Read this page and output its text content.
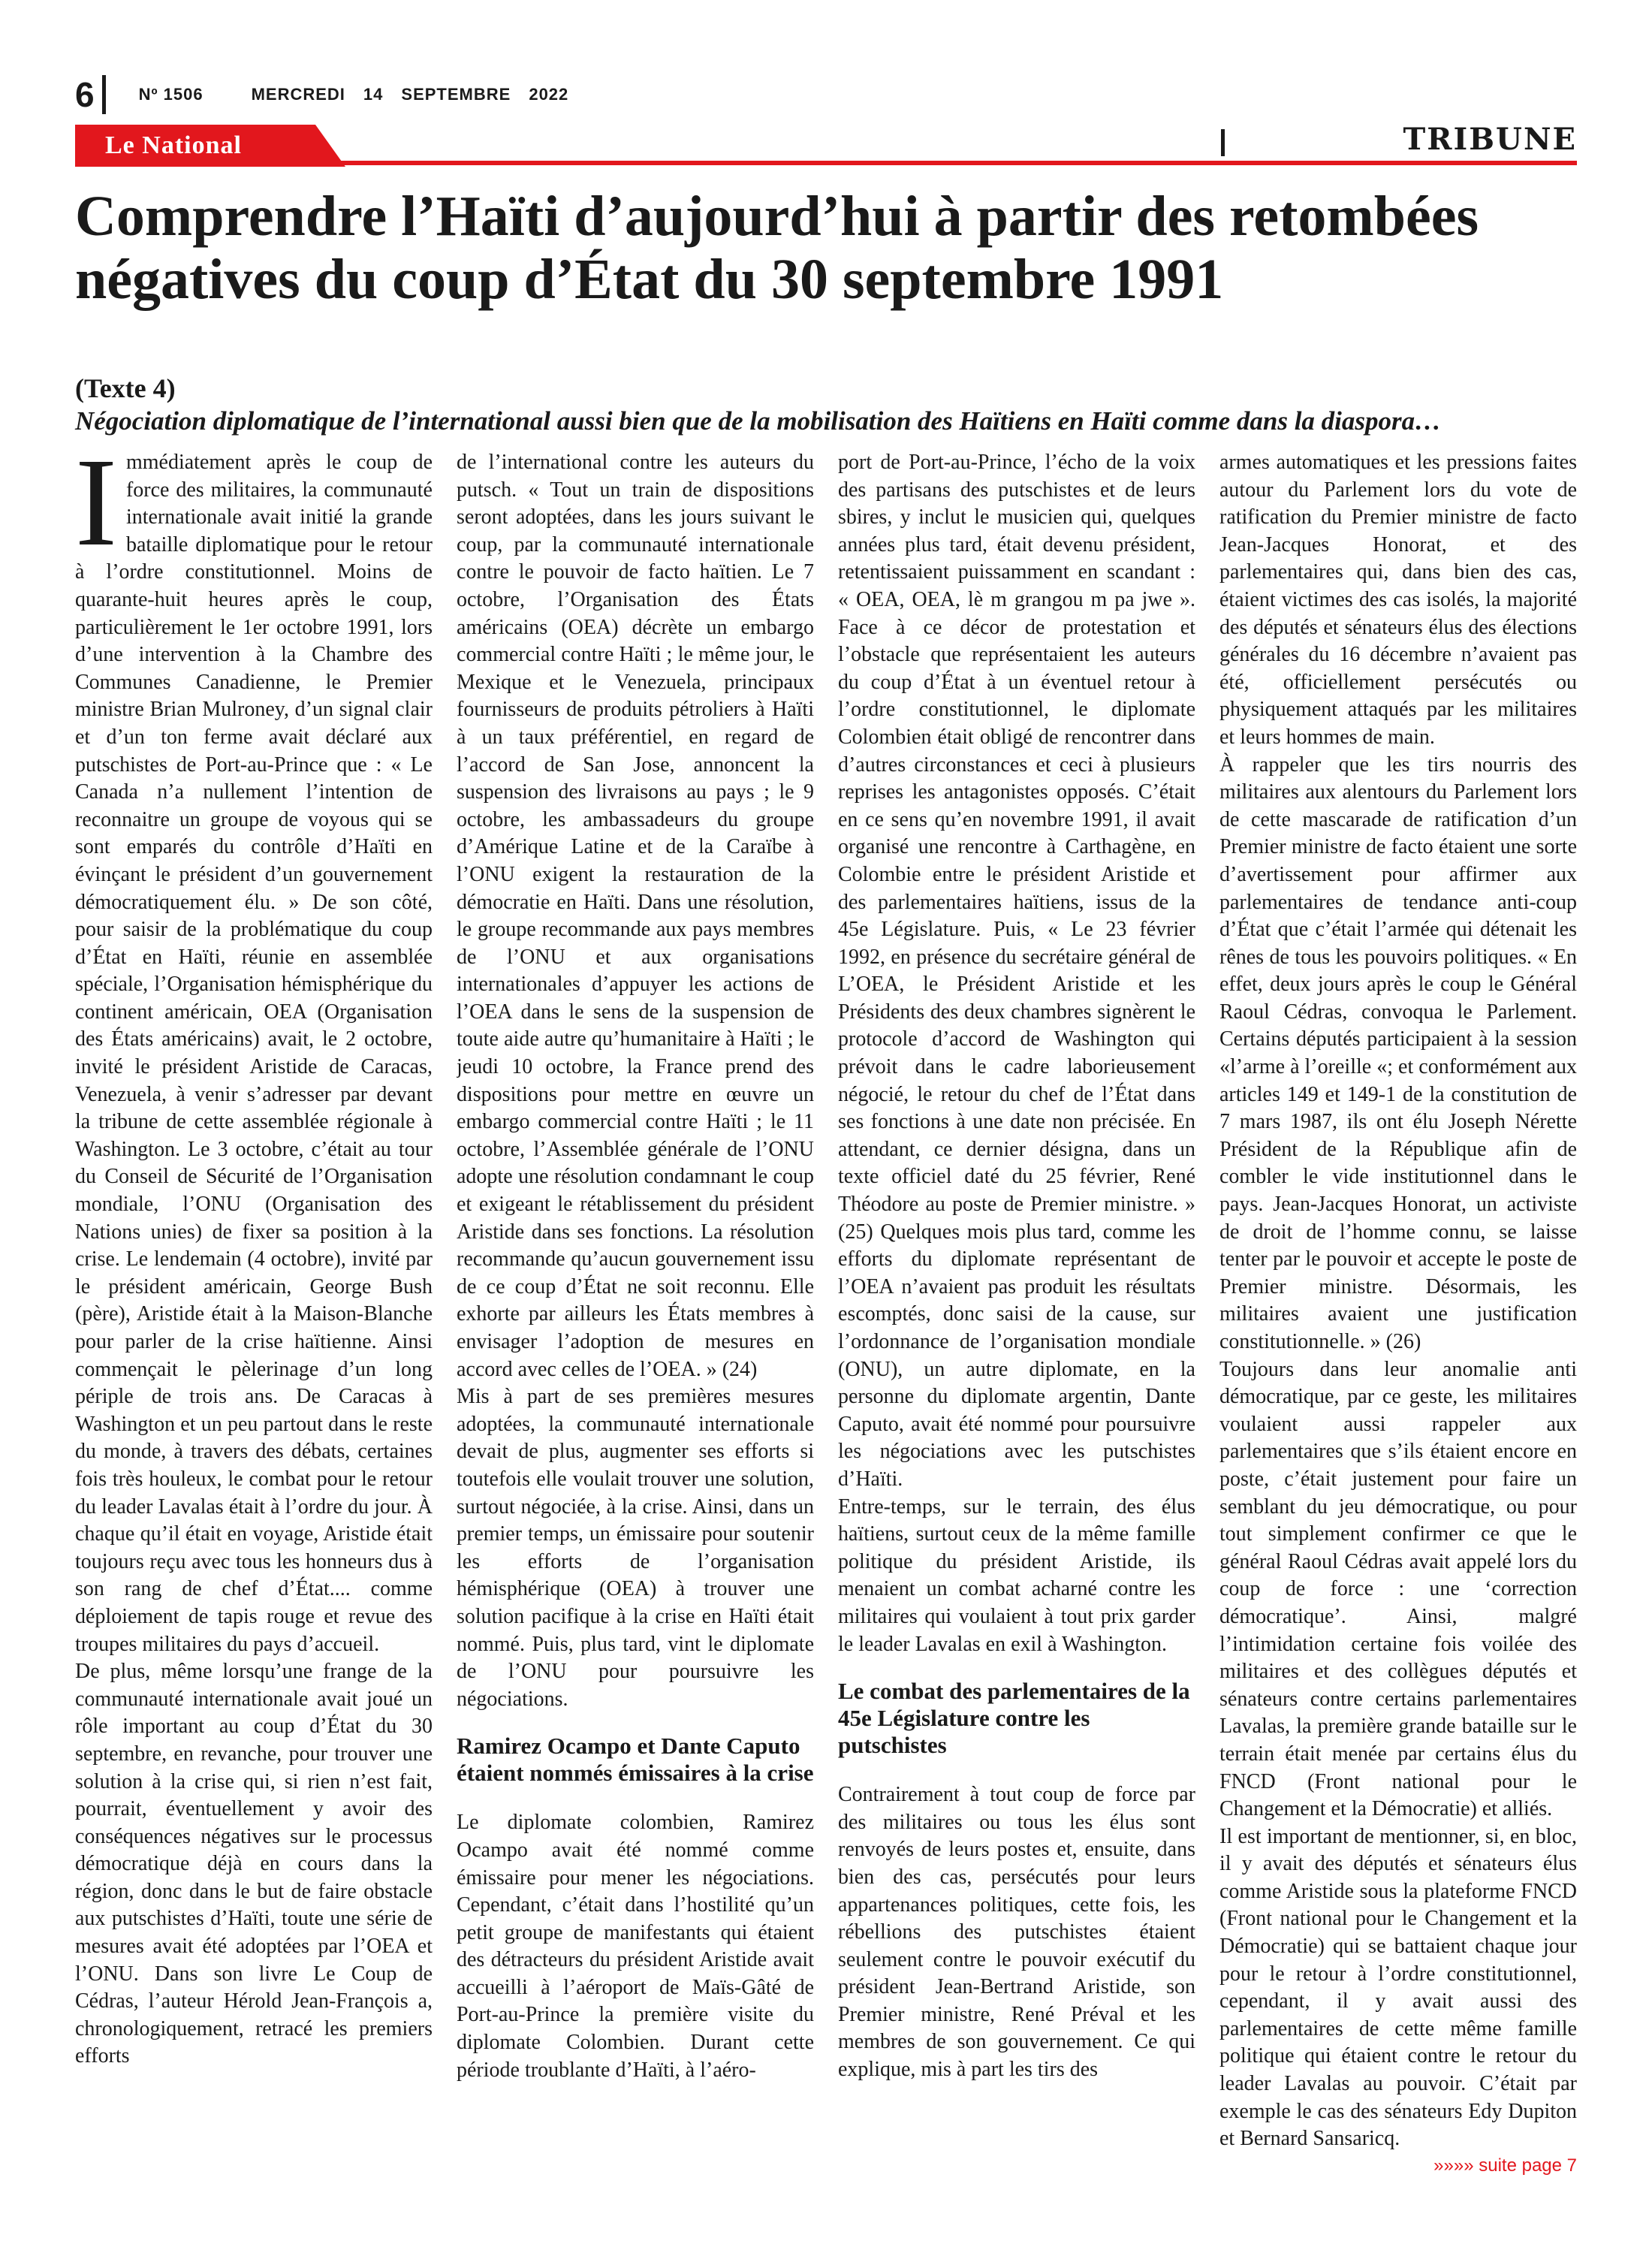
6	Nº 1506	MERCREDI 14 SEPTEMBRE 2022
Le National	TRIBUNE
Comprendre l’Haïti d’aujourd’hui à partir des retombées négatives du coup d’État du 30 septembre 1991
(Texte 4)
Négociation diplomatique de l’international aussi bien que de la mobilisation des Haïtiens en Haïti comme dans la diaspora…

Immédiatement après le coup de force des militaires, la communauté internationale avait initié la grande bataille diplomatique pour le retour à l’ordre constitutionnel. Moins de quarante-huit heures après le coup, particulièrement le 1er octobre 1991, lors d’une intervention à la Chambre des Communes Canadienne, le Premier ministre Brian Mulroney, d’un signal clair et d’un ton ferme avait déclaré aux putschistes de Port-au-Prince que : « Le Canada n’a nullement l’intention de reconnaitre un groupe de voyous qui se sont emparés du contrôle d’Haïti en évinçant le président d’un gouvernement démocratiquement élu. » De son côté, pour saisir de la problématique du coup d’État en Haïti, réunie en assemblée spéciale, l’Organisation hémisphérique du continent américain, OEA (Organisation des États américains) avait, le 2 octobre, invité le président Aristide de Caracas, Venezuela, à venir s’adresser par devant la tribune de cette assemblée régionale à Washington. Le 3 octobre, c’était au tour du Conseil de Sécurité de l’Organisation mondiale, l’ONU (Organisation des Nations unies) de fixer sa position à la crise. Le lendemain (4 octobre), invité par le président américain, George Bush (père), Aristide était à la Maison-Blanche pour parler de la crise haïtienne. Ainsi commençait le pèlerinage d’un long périple de trois ans. De Caracas à Washington et un peu partout dans le reste du monde, à travers des débats, certaines fois très houleux, le combat pour le retour du leader Lavalas était à l’ordre du jour. À chaque qu’il était en voyage, Aristide était toujours reçu avec tous les honneurs dus à son rang de chef d’État.... comme déploiement de tapis rouge et revue des troupes militaires du pays d’accueil.

De plus, même lorsqu’une frange de la communauté internationale avait joué un rôle important au coup d’État du 30 septembre, en revanche, pour trouver une solution à la crise qui, si rien n’est fait, pourrait, éventuellement y avoir des conséquences négatives sur le processus démocratique déjà en cours dans la région, donc dans le but de faire obstacle aux putschistes d’Haïti, toute une série de mesures avait été adoptées par l’OEA et l’ONU. Dans son livre Le Coup de Cédras, l’auteur Hérold Jean-François a, chronologiquement, retracé les premiers efforts

de l’international contre les auteurs du putsch. « Tout un train de dispositions seront adoptées, dans les jours suivant le coup, par la communauté internationale contre le pouvoir de facto haïtien. Le 7 octobre, l’Organisation des États américains (OEA) décrète un embargo commercial contre Haïti ; le même jour, le Mexique et le Venezuela, principaux fournisseurs de produits pétroliers à Haïti à un taux préférentiel, en regard de l’accord de San Jose, annoncent la suspension des livraisons au pays ; le 9 octobre, les ambassadeurs du groupe d’Amérique Latine et de la Caraïbe à l’ONU exigent la restauration de la démocratie en Haïti. Dans une résolution, le groupe recommande aux pays membres de l’ONU et aux organisations internationales d’appuyer les actions de l’OEA dans le sens de la suspension de toute aide autre qu’humanitaire à Haïti ; le jeudi 10 octobre, la France prend des dispositions pour mettre en œuvre un embargo commercial contre Haïti ; le 11 octobre, l’Assemblée générale de l’ONU adopte une résolution condamnant le coup et exigeant le rétablissement du président Aristide dans ses fonctions. La résolution recommande qu’aucun gouvernement issu de ce coup d’État ne soit reconnu. Elle exhorte par ailleurs les États membres à envisager l’adoption de mesures en accord avec celles de l’OEA. » (24)

Mis à part de ses premières mesures adoptées, la communauté internationale devait de plus, augmenter ses efforts si toutefois elle voulait trouver une solution, surtout négociée, à la crise. Ainsi, dans un premier temps, un émissaire pour soutenir les efforts de l’organisation hémisphérique (OEA) à trouver une solution pacifique à la crise en Haïti était nommé. Puis, plus tard, vint le diplomate de l’ONU pour poursuivre les négociations.

Ramirez Ocampo et Dante Caputo étaient nommés émissaires à la crise

Le diplomate colombien, Ramirez Ocampo avait été nommé comme émissaire pour mener les négociations. Cependant, c’était dans l’hostilité qu’un petit groupe de manifestants qui étaient des détracteurs du président Aristide avait accueilli à l’aéroport de Maïs-Gâté de Port-au-Prince la première visite du diplomate Colombien. Durant cette période troublante d’Haïti, à l’aéro-

port de Port-au-Prince, l’écho de la voix des partisans des putschistes et de leurs sbires, y inclut le musicien qui, quelques années plus tard, était devenu président, retentissaient puissamment en scandant : « OEA, OEA, lè m grangou m pa jwe ». Face à ce décor de protestation et l’obstacle que représentaient les auteurs du coup d’État à un éventuel retour à l’ordre constitutionnel, le diplomate Colombien était obligé de rencontrer dans d’autres circonstances et ceci à plusieurs reprises les antagonistes opposés. C’était en ce sens qu’en novembre 1991, il avait organisé une rencontre à Carthagène, en Colombie entre le président Aristide et des parlementaires haïtiens, issus de la 45e Législature. Puis, « Le 23 février 1992, en présence du secrétaire général de L’OEA, le Président Aristide et les Présidents des deux chambres signèrent le protocole d’accord de Washington qui prévoit dans le cadre laborieusement négocié, le retour du chef de l’État dans ses fonctions à une date non précisée. En attendant, ce dernier désigna, dans un texte officiel daté du 25 février, René Théodore au poste de Premier ministre. » (25) Quelques mois plus tard, comme les efforts du diplomate représentant de l’OEA n’avaient pas produit les résultats escomptés, donc saisi de la cause, sur l’ordonnance de l’organisation mondiale (ONU), un autre diplomate, en la personne du diplomate argentin, Dante Caputo, avait été nommé pour poursuivre les négociations avec les putschistes d’Haïti.

Entre-temps, sur le terrain, des élus haïtiens, surtout ceux de la même famille politique du président Aristide, ils menaient un combat acharné contre les militaires qui voulaient à tout prix garder le leader Lavalas en exil à Washington.

Le combat des parlementaires de la 45e Législature contre les putschistes

Contrairement à tout coup de force par des militaires ou tous les élus sont renvoyés de leurs postes et, ensuite, dans bien des cas, persécutés pour leurs appartenances politiques, cette fois, les rébellions des putschistes étaient seulement contre le pouvoir exécutif du président Jean-Bertrand Aristide, son Premier ministre, René Préval et les membres de son gouvernement. Ce qui explique, mis à part les tirs des

armes automatiques et les pressions faites autour du Parlement lors du vote de ratification du Premier ministre de facto Jean-Jacques Honorat, et des parlementaires qui, dans bien des cas, étaient victimes des cas isolés, la majorité des députés et sénateurs élus des élections générales du 16 décembre n’avaient pas été, officiellement persécutés ou physiquement attaqués par les militaires et leurs hommes de main.

À rappeler que les tirs nourris des militaires aux alentours du Parlement lors de cette mascarade de ratification d’un Premier ministre de facto étaient une sorte d’avertissement pour affirmer aux parlementaires de tendance anti-coup d’État que c’était l’armée qui détenait les rênes de tous les pouvoirs politiques. « En effet, deux jours après le coup le Général Raoul Cédras, convoqua le Parlement. Certains députés participaient à la session «l’arme à l’oreille «; et conformément aux articles 149 et 149-1 de la constitution de 7 mars 1987, ils ont élu Joseph Nérette Président de la République afin de combler le vide institutionnel dans le pays. Jean-Jacques Honorat, un activiste de droit de l’homme connu, se laisse tenter par le pouvoir et accepte le poste de Premier ministre. Désormais, les militaires avaient une justification constitutionnelle. » (26)

Toujours dans leur anomalie anti démocratique, par ce geste, les militaires voulaient aussi rappeler aux parlementaires que s’ils étaient encore en poste, c’était justement pour faire un semblant du jeu démocratique, ou pour tout simplement confirmer ce que le général Raoul Cédras avait appelé lors du coup de force : une ‘correction démocratique’. Ainsi, malgré l’intimidation certaine fois voilée des militaires et des collègues députés et sénateurs contre certains parlementaires Lavalas, la première grande bataille sur le terrain était menée par certains élus du FNCD (Front national pour le Changement et la Démocratie) et alliés.

Il est important de mentionner, si, en bloc, il y avait des députés et sénateurs élus comme Aristide sous la plateforme FNCD (Front national pour le Changement et la Démocratie) qui se battaient chaque jour pour le retour à l’ordre constitutionnel, cependant, il y avait aussi des parlementaires de cette même famille politique qui étaient contre le retour du leader Lavalas au pouvoir. C’était par exemple le cas des sénateurs Edy Dupiton et Bernard Sansaricq.

»»»» suite page 7
